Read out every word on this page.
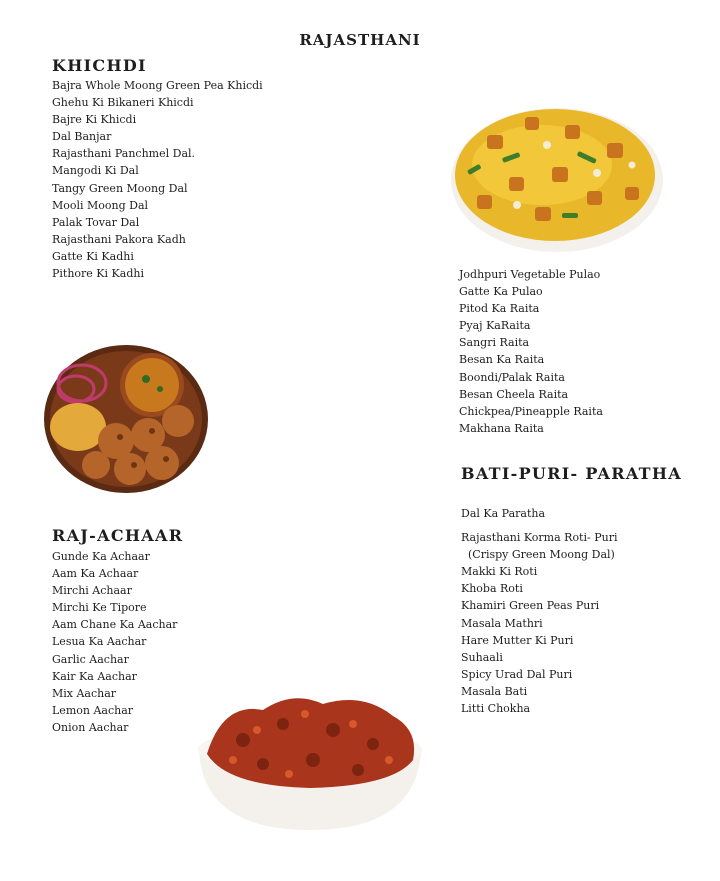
RAJASTHANI
KHICHDI
Bajra Whole Moong Green Pea Khicdi
Ghehu Ki Bikaneri Khicdi
Bajre Ki Khicdi
Dal Banjar
Rajasthani Panchmel Dal.
Mangodi Ki Dal
Tangy Green Moong Dal
Mooli Moong Dal
Palak Tovar Dal
Rajasthani Pakora Kadh
Gatte Ki Kadhi
Pithore Ki Kadhi	Jodhpuri Vegetable Pulao
Gatte Ka Pulao
Pitod Ka Raita
Pyaj KaRaita
Sangri Raita
Besan Ka Raita
Boondi/Palak Raita
Besan Cheela Raita
Chickpea/Pineapple Raita
Makhana Raita
RAJ-ACHAAR
Gunde Ka Achaar
Aam Ka Achaar
Mirchi Achaar
Mirchi Ke Tipore
Aam Chane Ka Aachar
Lesua Ka Aachar
Garlic Aachar
Kair Ka Aachar
Mix Aachar
Lemon Aachar
Onion Aachar
BATI-PURI- PARATHA
Dal Ka Paratha

Rajasthani Korma Roti- Puri
(Crispy Green Moong Dal)
Makki Ki Roti
Khoba Roti
Khamiri Green Peas Puri
Masala Mathri
Hare Mutter Ki Puri
Suhaali
Spicy Urad Dal Puri
Masala Bati
Litti Chokha
